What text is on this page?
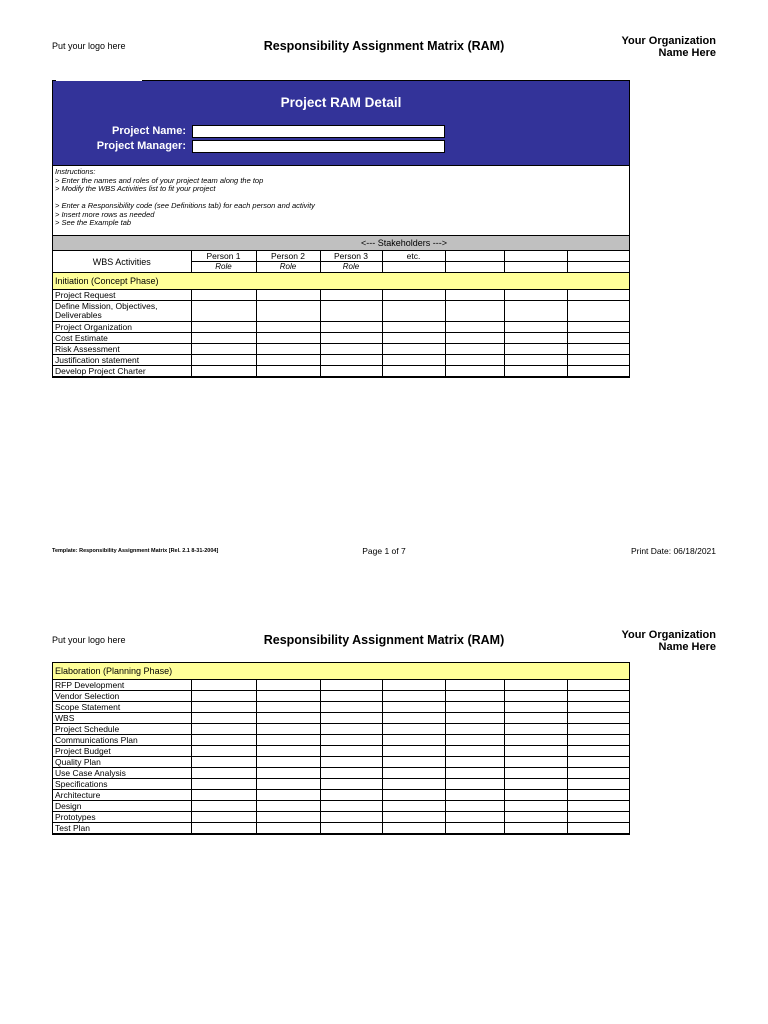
Put your logo here	Responsibility Assignment Matrix (RAM)	Your Organization
Name Here
Project RAM Detail
Project Name:
Project Manager:
Instructions:
> Enter the names and roles of your project team along the top
> Modify the WBS Activities list to fit your project
> Enter a Responsibility code (see Definitions tab) for each person and activity
> Insert more rows as needed
> See the Example tab
<--- Stakeholders --->
WBS Activities	Person 1	Person 2	Person 3	etc.			
	Role	Role	Role				
Initiation (Concept Phase)							
Project Request							
Define Mission, Objectives, Deliverables							
Project Organization							
Cost Estimate							
Risk Assessment							
Justification statement							
Develop Project Charter							
Template: Responsibility Assignment Matrix [Rel. 2.1 8-31-2004]	Page 1 of 7	Print Date: 06/18/2021
Put your logo here	Responsibility Assignment Matrix (RAM)	Your Organization
Name Here
Elaboration (Planning Phase)							
RFP Development							
Vendor Selection							
Scope Statement							
WBS							
Project Schedule							
Communications Plan							
Project Budget							
Quality Plan							
Use Case Analysis							
Specifications							
Architecture							
Design							
Prototypes							
Test Plan							
